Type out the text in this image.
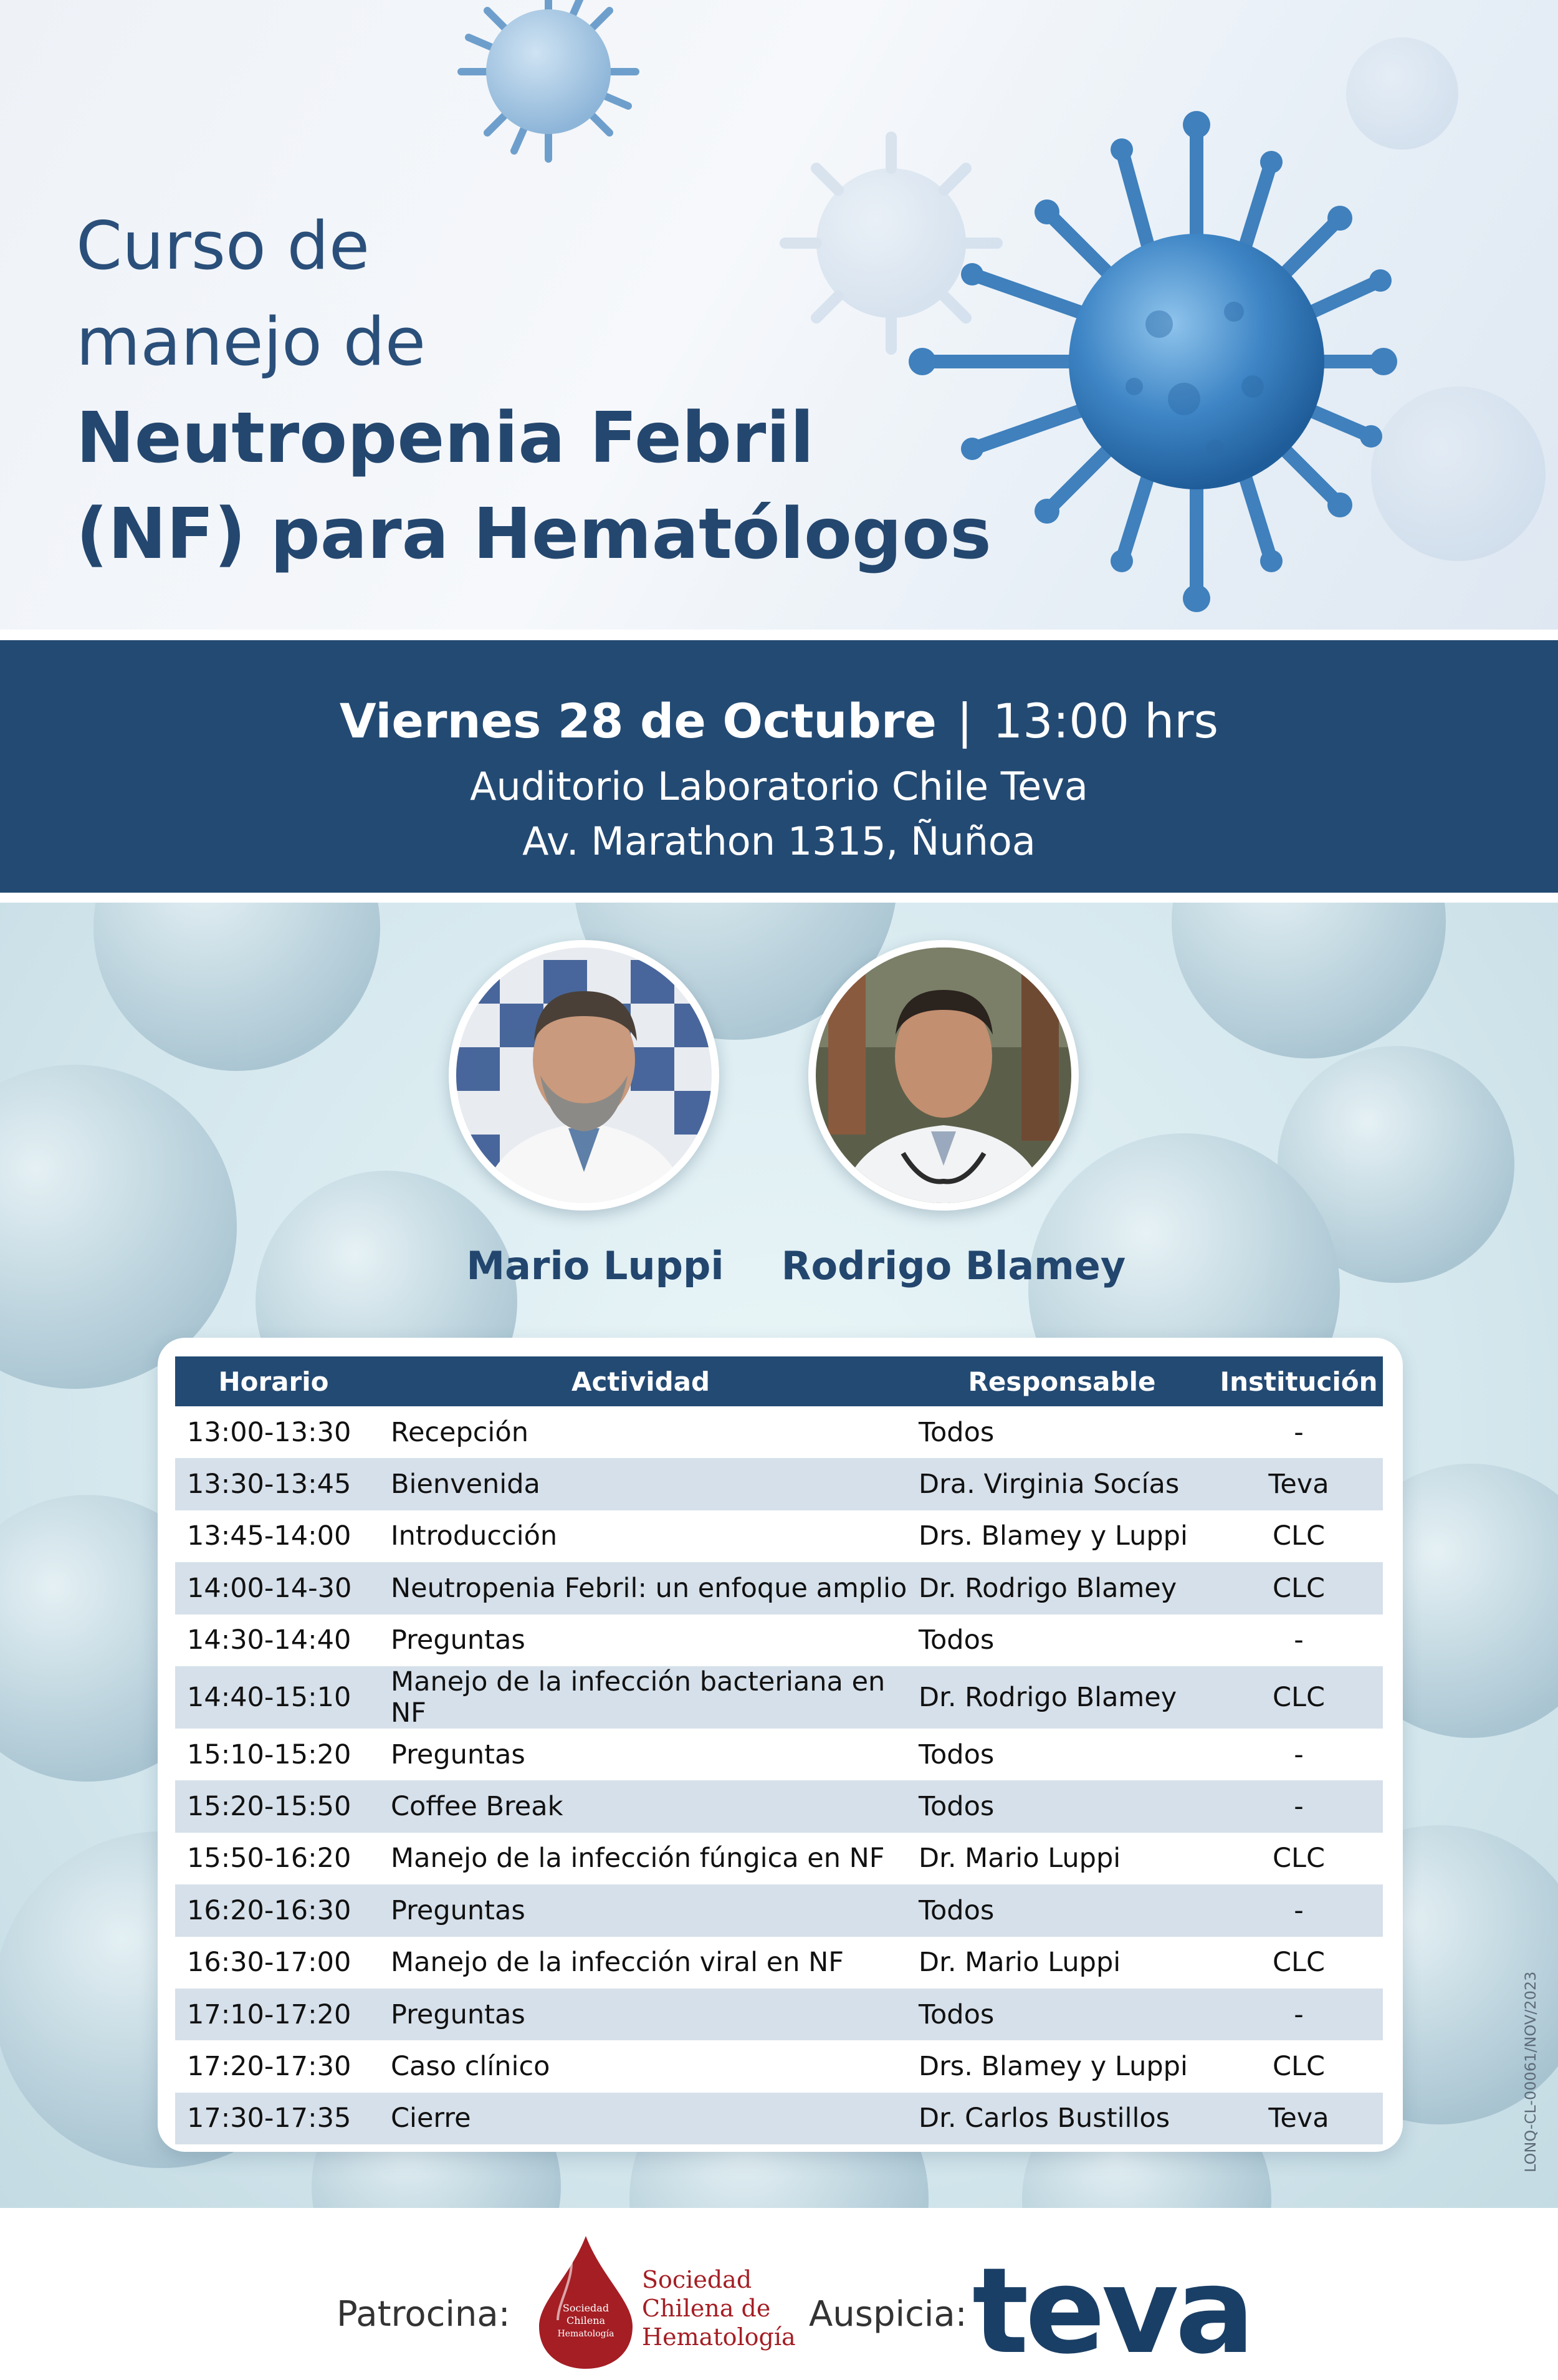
Curso de
manejo de
Neutropenia Febril
(NF) para Hematólogos
Viernes 28 de Octubre | 13:00 hrs
Auditorio Laboratorio Chile Teva
Av. Marathon 1315, Ñuñoa
Mario Luppi	Rodrigo Blamey
Horario	Actividad	Responsable	Institución
13:00-13:30	Recepción	Todos	-
13:30-13:45	Bienvenida	Dra. Virginia Socías	Teva
13:45-14:00	Introducción	Drs. Blamey y Luppi	CLC
14:00-14-30	Neutropenia Febril: un enfoque amplio	Dr. Rodrigo Blamey	CLC
14:30-14:40	Preguntas	Todos	-
14:40-15:10	Manejo de la infección bacteriana en NF	Dr. Rodrigo Blamey	CLC
15:10-15:20	Preguntas	Todos	-
15:20-15:50	Coffee Break	Todos	-
15:50-16:20	Manejo de la infección fúngica en NF	Dr. Mario Luppi	CLC
16:20-16:30	Preguntas	Todos	-
16:30-17:00	Manejo de la infección viral en NF	Dr. Mario Luppi	CLC
17:10-17:20	Preguntas	Todos	-
17:20-17:30	Caso clínico	Drs. Blamey y Luppi	CLC
17:30-17:35	Cierre	Dr. Carlos Bustillos	Teva	LONQ-CL-00061/NOV/2023
Patrocina:	Sociedad
Chilena
Hematología
Sociedad
Chilena de
Hematología
Auspicia: teva
